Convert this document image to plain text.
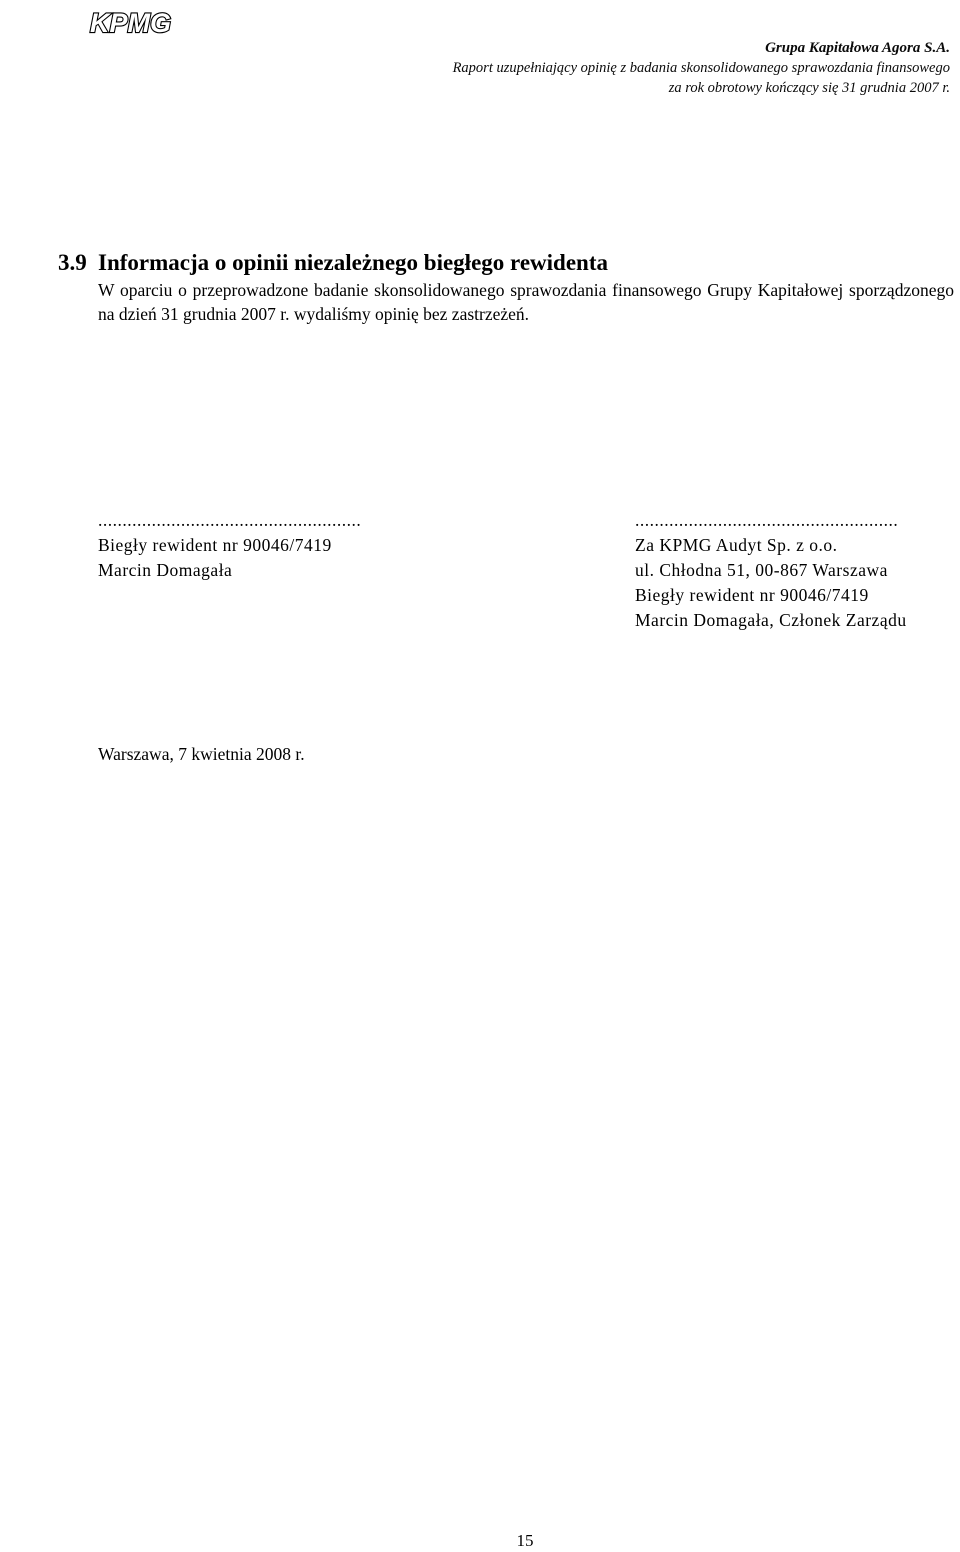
KPMG
Grupa Kapitałowa Agora S.A.
Raport uzupełniający opinię z badania skonsolidowanego sprawozdania finansowego
za rok obrotowy kończący się 31 grudnia 2007 r.
3.9 Informacja o opinii niezależnego biegłego rewidenta

W oparciu o przeprowadzone badanie skonsolidowanego sprawozdania finansowego Grupy Kapitałowej sporządzonego na dzień 31 grudnia 2007 r. wydaliśmy opinię bez zastrzeżeń.

......................................................
Biegły rewident nr 90046/7419
Marcin Domagała
......................................................
Za KPMG Audyt Sp. z o.o.
ul. Chłodna 51, 00-867 Warszawa
Biegły rewident nr 90046/7419
Marcin Domagała, Członek Zarządu
Warszawa, 7 kwietnia 2008 r.
15
